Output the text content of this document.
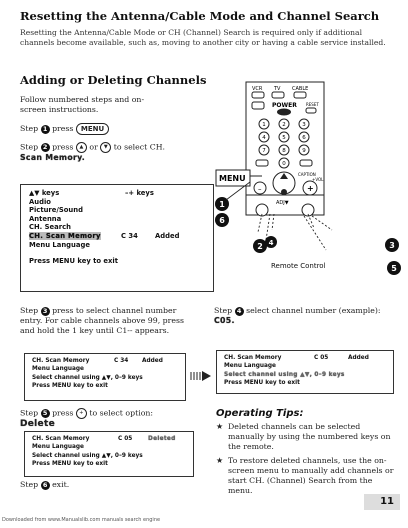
Resetting the Antenna/Cable Mode and Channel Search
Resetting the Antenna/Cable Mode or CH (Channel) Search is required only if additional channels become available, such as, moving to another city or having a cable service installed.
Adding or Deleting Channels
Follow numbered steps and on-screen instructions.
Step 1 press MENU
Step 2 press ▲ or ▼ to select CH.
Scan Memory.
▲▼ keys	–+ keys
Audio
Picture/Sound
Antenna
CH. Search
CH. Scan Memory	C 34	Added
Menu Language
Press MENU key to exit
VCR TV CABLE
POWER RESET
1	2	3
4	5	6
7	8	9
0
MENU	CAPTION
+
+VOL
–
ADJ▼
1
6
2 4	3
5
Remote Control
Step 3 press to select channel number entry. For cable channels above 99, press and hold the 1 key until C1-- appears.
Step 4 select channel number (example):
C05.
CH. Scan Memory	C 34 Added
Menu Language
Select channel using ▲▼, 0–9 keys
Press MENU key to exit
CH. Scan Memory	C 05	Added
Menu Language
Select channel using ▲▼, 0–9 keys
Press MENU key to exit
Step 5 press + to select option:
Delete
CH. Scan Memory	C 05	Deleted
Menu Language
Select channel using ▲▼, 0–9 keys
Press MENU key to exit
Step 6 exit.
Operating Tips:
★ Deleted channels can be selected manually by using the numbered keys on the remote.
★ To restore deleted channels, use the on-screen menu to manually add channels or start CH. (Channel) Search from the menu.
11
Downloaded from www.Manualslib.com manuals search engine
